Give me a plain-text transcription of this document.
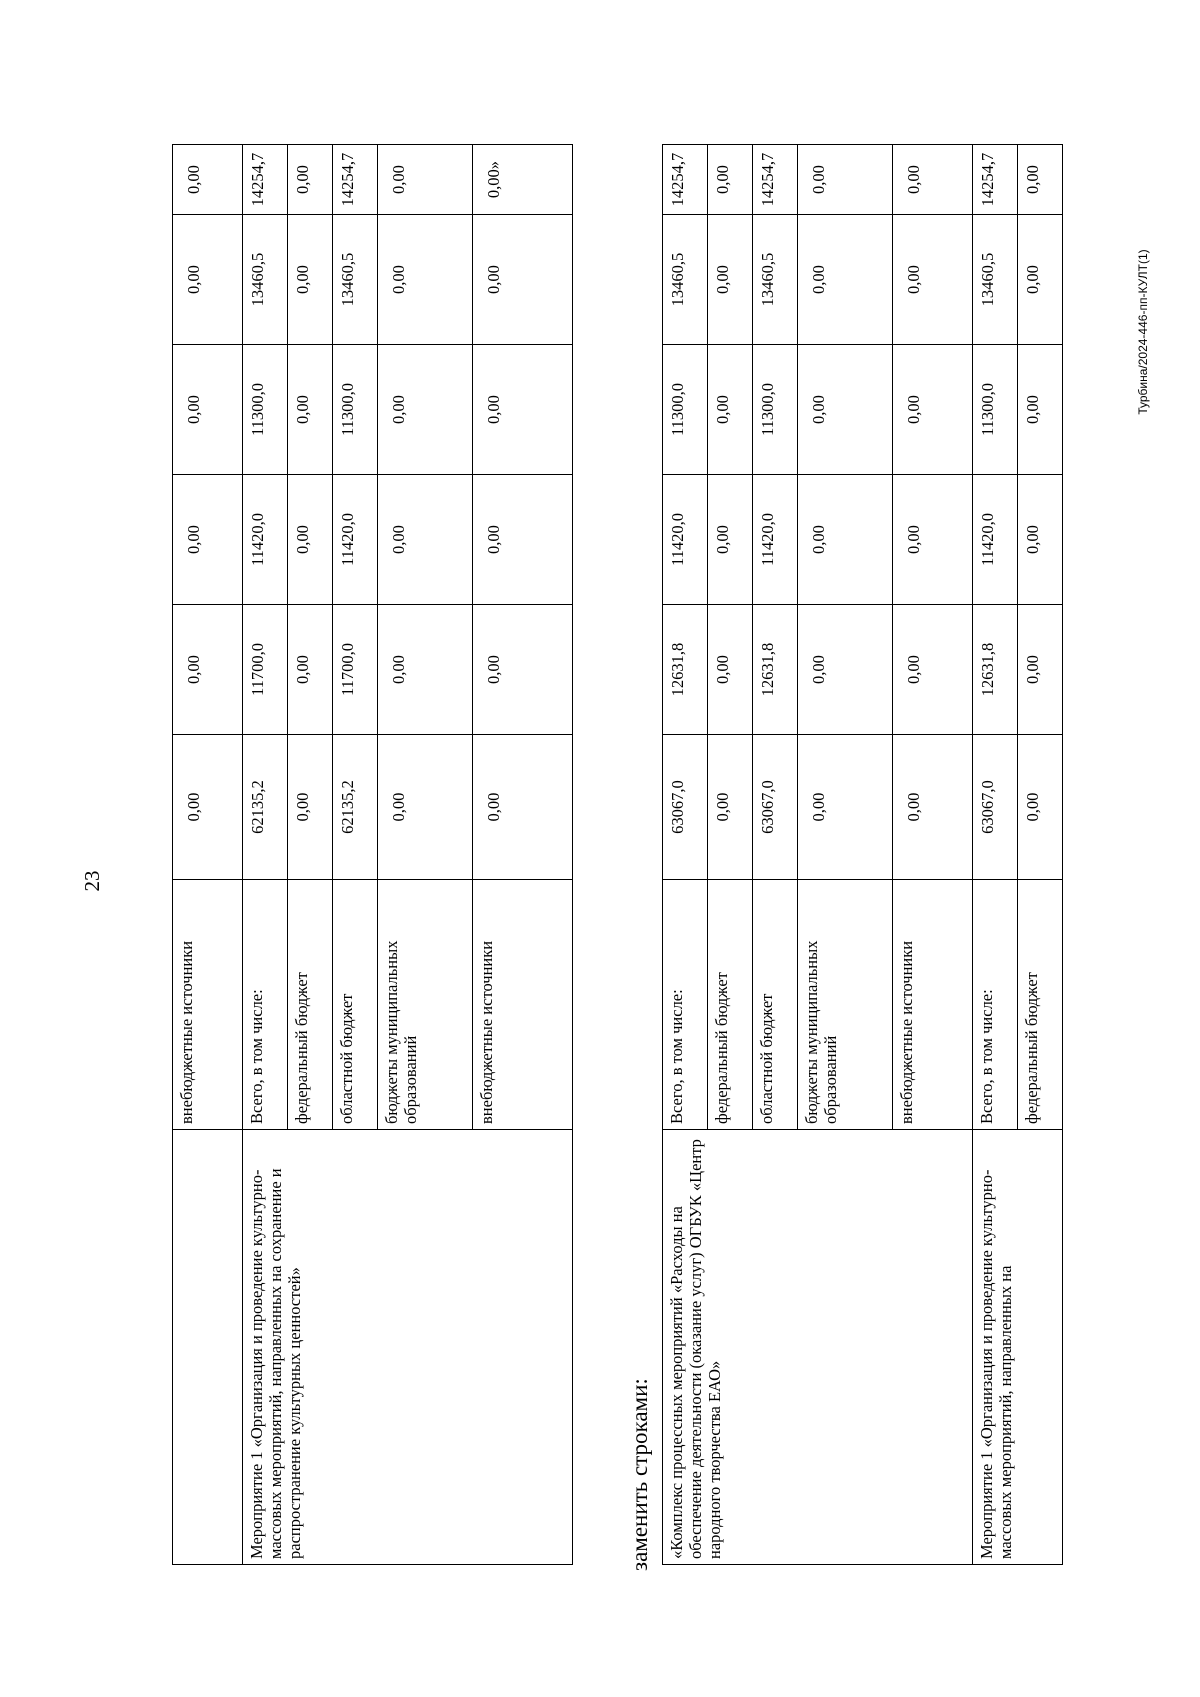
23
Турбина/2024-446-пп-КУЛТ(1)
заменить строками:
	внебюджетные источники	0,00	0,00	0,00	0,00	0,00	0,00
Мероприятие 1 «Организация и проведение культурно-массовых мероприятий, направленных на сохранение и распространение культурных ценностей»	Всего, в том числе:	62135,2	11700,0	11420,0	11300,0	13460,5	14254,7
	федеральный бюджет	0,00	0,00	0,00	0,00	0,00	0,00
	областной бюджет	62135,2	11700,0	11420,0	11300,0	13460,5	14254,7
	бюджеты муниципальных образований	0,00	0,00	0,00	0,00	0,00	0,00
	внебюджетные источники	0,00	0,00	0,00	0,00	0,00	0,00»
«Комплекс процессных мероприятий «Расходы на обеспечение деятельности (оказание услуг) ОГБУК «Центр народного творчества ЕАО»	Всего, в том числе:	63067,0	12631,8	11420,0	11300,0	13460,5	14254,7
	федеральный бюджет	0,00	0,00	0,00	0,00	0,00	0,00
	областной бюджет	63067,0	12631,8	11420,0	11300,0	13460,5	14254,7
	бюджеты муниципальных образований	0,00	0,00	0,00	0,00	0,00	0,00
	внебюджетные источники	0,00	0,00	0,00	0,00	0,00	0,00
Мероприятие 1 «Организация и проведение культурно-массовых мероприятий, направленных на	Всего, в том числе:	63067,0	12631,8	11420,0	11300,0	13460,5	14254,7
	федеральный бюджет	0,00	0,00	0,00	0,00	0,00	0,00
